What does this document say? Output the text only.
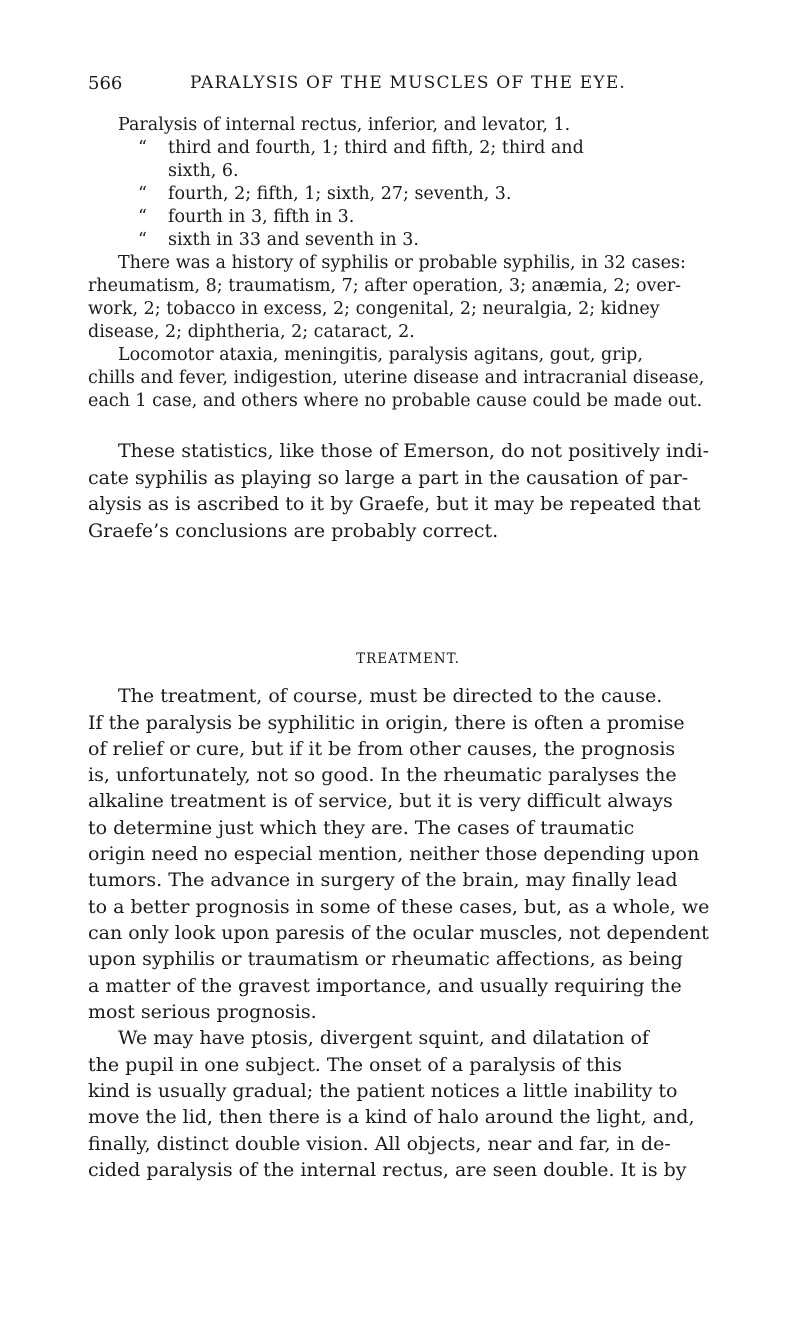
566	PARALYSIS OF THE MUSCLES OF THE EYE.
Paralysis of internal rectus, inferior, and levator, 1.
“ third and fourth, 1; third and fifth, 2; third and
sixth, 6.
“ fourth, 2; fifth, 1; sixth, 27; seventh, 3.
“ fourth in 3, fifth in 3.
“ sixth in 33 and seventh in 3.
There was a history of syphilis or probable syphilis, in 32 cases:
rheumatism, 8; traumatism, 7; after operation, 3; anæmia, 2; over-
work, 2; tobacco in excess, 2; congenital, 2; neuralgia, 2; kidney
disease, 2; diphtheria, 2; cataract, 2.
Locomotor ataxia, meningitis, paralysis agitans, gout, grip,
chills and fever, indigestion, uterine disease and intracranial disease,
each 1 case, and others where no probable cause could be made out.
These statistics, like those of Emerson, do not positively indi-
cate syphilis as playing so large a part in the causation of par-
alysis as is ascribed to it by Graefe, but it may be repeated that
Graefe’s conclusions are probably correct.
TREATMENT.
The treatment, of course, must be directed to the cause.
If the paralysis be syphilitic in origin, there is often a promise
of relief or cure, but if it be from other causes, the prognosis
is, unfortunately, not so good. In the rheumatic paralyses the
alkaline treatment is of service, but it is very difficult always
to determine just which they are. The cases of traumatic
origin need no especial mention, neither those depending upon
tumors. The advance in surgery of the brain, may finally lead
to a better prognosis in some of these cases, but, as a whole, we
can only look upon paresis of the ocular muscles, not dependent
upon syphilis or traumatism or rheumatic affections, as being
a matter of the gravest importance, and usually requiring the
most serious prognosis.
We may have ptosis, divergent squint, and dilatation of
the pupil in one subject. The onset of a paralysis of this
kind is usually gradual; the patient notices a little inability to
move the lid, then there is a kind of halo around the light, and,
finally, distinct double vision. All objects, near and far, in de-
cided paralysis of the internal rectus, are seen double. It is by
